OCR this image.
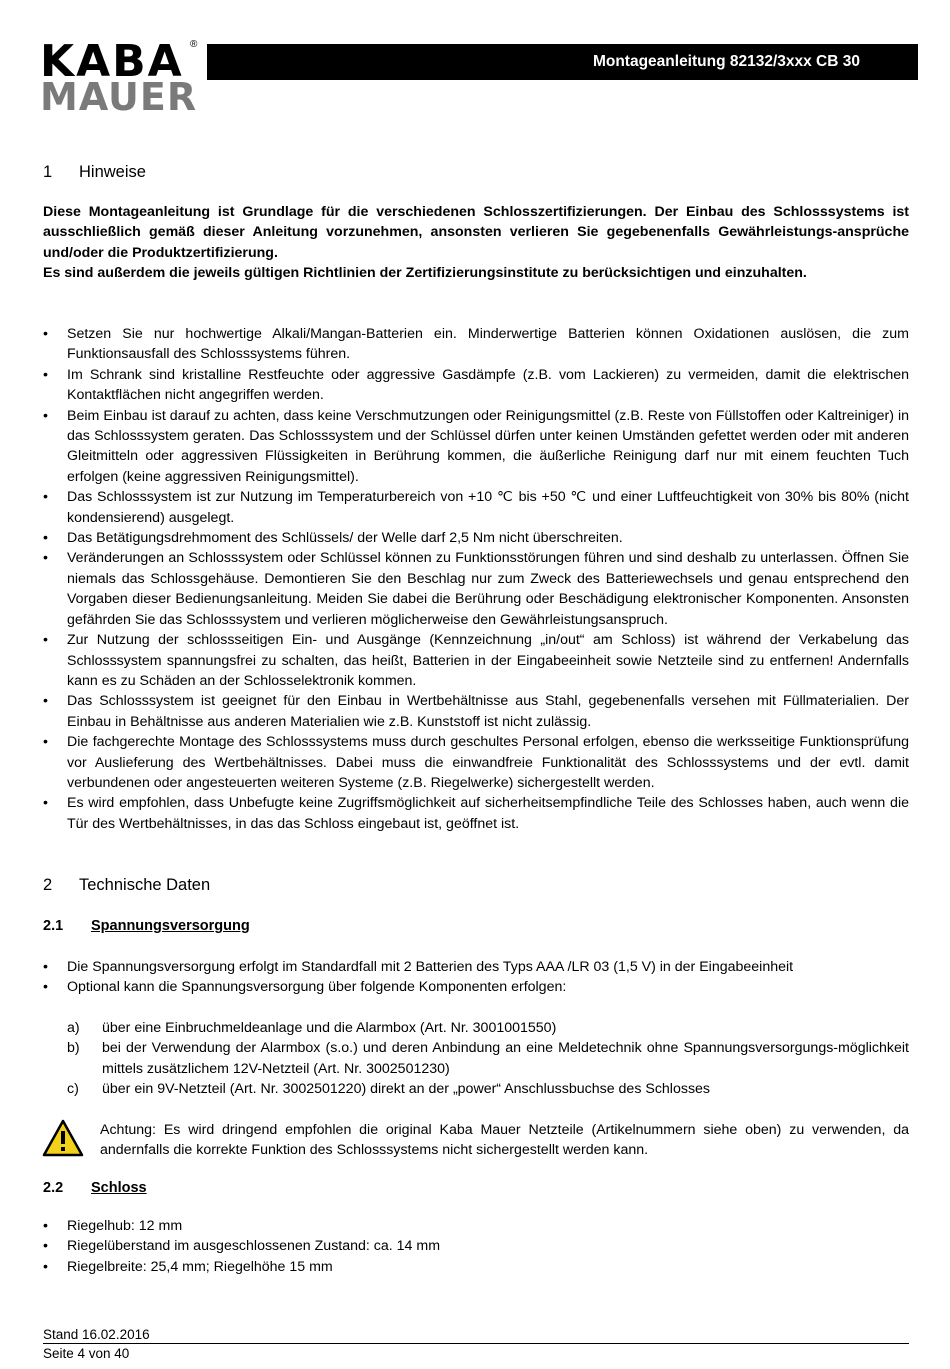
KABA ®
MAUER
Montageanleitung 82132/3xxx CB 30
1 Hinweise

Diese Montageanleitung ist Grundlage für die verschiedenen Schlosszertifizierungen. Der Einbau des Schlosssystems ist ausschließlich gemäß dieser Anleitung vorzunehmen, ansonsten verlieren Sie gegebenenfalls Gewährleistungs-ansprüche und/oder die Produktzertifizierung.

Es sind außerdem die jeweils gültigen Richtlinien der Zertifizierungsinstitute zu berücksichtigen und einzuhalten.

• Setzen Sie nur hochwertige Alkali/Mangan-Batterien ein. Minderwertige Batterien können Oxidationen auslösen, die zum Funktionsausfall des Schlosssystems führen.
• Im Schrank sind kristalline Restfeuchte oder aggressive Gasdämpfe (z.B. vom Lackieren) zu vermeiden, damit die elektrischen Kontaktflächen nicht angegriffen werden.
• Beim Einbau ist darauf zu achten, dass keine Verschmutzungen oder Reinigungsmittel (z.B. Reste von Füllstoffen oder Kaltreiniger) in das Schlosssystem geraten. Das Schlosssystem und der Schlüssel dürfen unter keinen Umständen gefettet werden oder mit anderen Gleitmitteln oder aggressiven Flüssigkeiten in Berührung kommen, die äußerliche Reinigung darf nur mit einem feuchten Tuch erfolgen (keine aggressiven Reinigungsmittel).
• Das Schlosssystem ist zur Nutzung im Temperaturbereich von +10 ℃ bis +50 ℃ und einer Luftfeuchtigkeit von 30% bis 80% (nicht kondensierend) ausgelegt.
• Das Betätigungsdrehmoment des Schlüssels/ der Welle darf 2,5 Nm nicht überschreiten.
• Veränderungen an Schlosssystem oder Schlüssel können zu Funktionsstörungen führen und sind deshalb zu unterlassen. Öffnen Sie niemals das Schlossgehäuse. Demontieren Sie den Beschlag nur zum Zweck des Batteriewechsels und genau entsprechend den Vorgaben dieser Bedienungsanleitung. Meiden Sie dabei die Berührung oder Beschädigung elektronischer Komponenten. Ansonsten gefährden Sie das Schlosssystem und verlieren möglicherweise den Gewährleistungsanspruch.
• Zur Nutzung der schlossseitigen Ein- und Ausgänge (Kennzeichnung „in/out“ am Schloss) ist während der Verkabelung das Schlosssystem spannungsfrei zu schalten, das heißt, Batterien in der Eingabeeinheit sowie Netzteile sind zu entfernen! Andernfalls kann es zu Schäden an der Schlosselektronik kommen.
• Das Schlosssystem ist geeignet für den Einbau in Wertbehältnisse aus Stahl, gegebenenfalls versehen mit Füllmaterialien. Der Einbau in Behältnisse aus anderen Materialien wie z.B. Kunststoff ist nicht zulässig.
• Die fachgerechte Montage des Schlosssystems muss durch geschultes Personal erfolgen, ebenso die werksseitige Funktionsprüfung vor Auslieferung des Wertbehältnisses. Dabei muss die einwandfreie Funktionalität des Schlosssystems und der evtl. damit verbundenen oder angesteuerten weiteren Systeme (z.B. Riegelwerke) sichergestellt werden.
• Es wird empfohlen, dass Unbefugte keine Zugriffsmöglichkeit auf sicherheitsempfindliche Teile des Schlosses haben, auch wenn die Tür des Wertbehältnisses, in das das Schloss eingebaut ist, geöffnet ist.
2 Technische Daten
2.1 Spannungsversorgung
• Die Spannungsversorgung erfolgt im Standardfall mit 2 Batterien des Typs AAA /LR 03 (1,5 V) in der Eingabeeinheit
• Optional kann die Spannungsversorgung über folgende Komponenten erfolgen:
a) über eine Einbruchmeldeanlage und die Alarmbox (Art. Nr. 3001001550)
b) bei der Verwendung der Alarmbox (s.o.) und deren Anbindung an eine Meldetechnik ohne Spannungsversorgungs-möglichkeit mittels zusätzlichem 12V-Netzteil (Art. Nr. 3002501230)
c) über ein 9V-Netzteil (Art. Nr. 3002501220) direkt an der „power“ Anschlussbuchse des Schlosses
Achtung: Es wird dringend empfohlen die original Kaba Mauer Netzteile (Artikelnummern siehe oben) zu verwenden, da andernfalls die korrekte Funktion des Schlosssystems nicht sichergestellt werden kann.
2.2 Schloss
• Riegelhub: 12 mm
• Riegelüberstand im ausgeschlossenen Zustand: ca. 14 mm
• Riegelbreite: 25,4 mm; Riegelhöhe 15 mm
Stand 16.02.2016
Seite 4 von 40
